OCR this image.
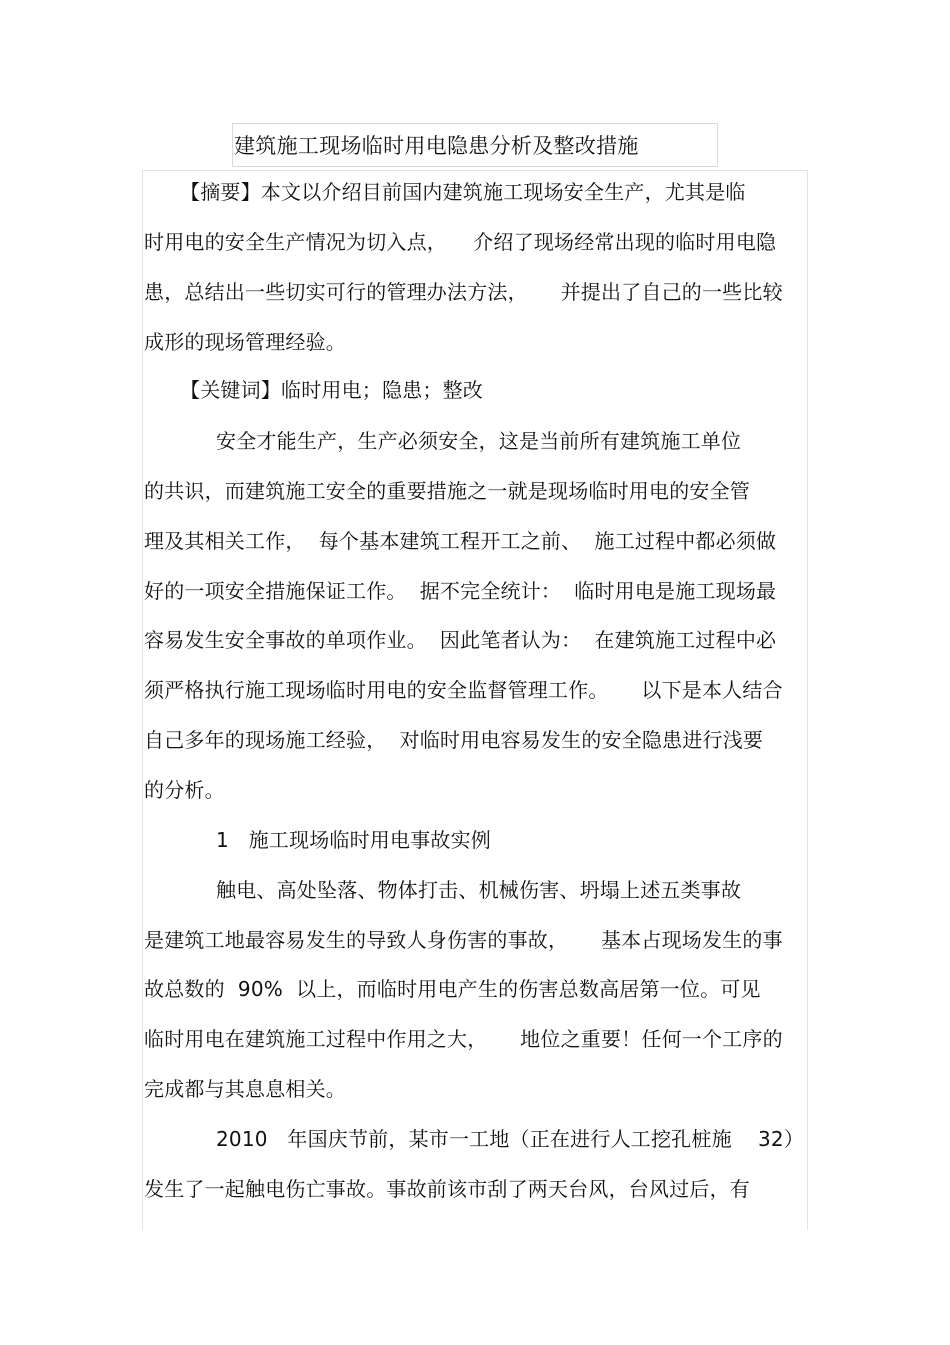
建筑施工现场临时用电隐患分析及整改措施
【摘要】本文以介绍目前国内建筑施工现场安全生产，尤其是临
时用电的安全生产情况为切入点，    介绍了现场经常出现的临时用电隐
患，总结出一些切实可行的管理办法方法，     并提出了自己的一些比较
成形的现场管理经验。
【关键词】临时用电；隐患；整改
安全才能生产，生产必须安全，这是当前所有建筑施工单位
的共识，而建筑施工安全的重要措施之一就是现场临时用电的安全管
理及其相关工作，  每个基本建筑工程开工之前、  施工过程中都必须做
好的一项安全措施保证工作。  据不完全统计：  临时用电是施工现场最
容易发生安全事故的单项作业。  因此笔者认为：  在建筑施工过程中必
须严格执行施工现场临时用电的安全监督管理工作。     以下是本人结合
自己多年的现场施工经验，  对临时用电容易发生的安全隐患进行浅要
的分析。
1   施工现场临时用电事故实例
触电、高处坠落、物体打击、机械伤害、坍塌上述五类事故
是建筑工地最容易发生的导致人身伤害的事故，     基本占现场发生的事
故总数的  90%  以上，而临时用电产生的伤害总数高居第一位。可见
临时用电在建筑施工过程中作用之大，     地位之重要！任何一个工序的
完成都与其息息相关。
2010   年国庆节前，某市一工地（正在进行人工挖孔桩施    32）
发生了一起触电伤亡事故。事故前该市刮了两天台风，台风过后，有
